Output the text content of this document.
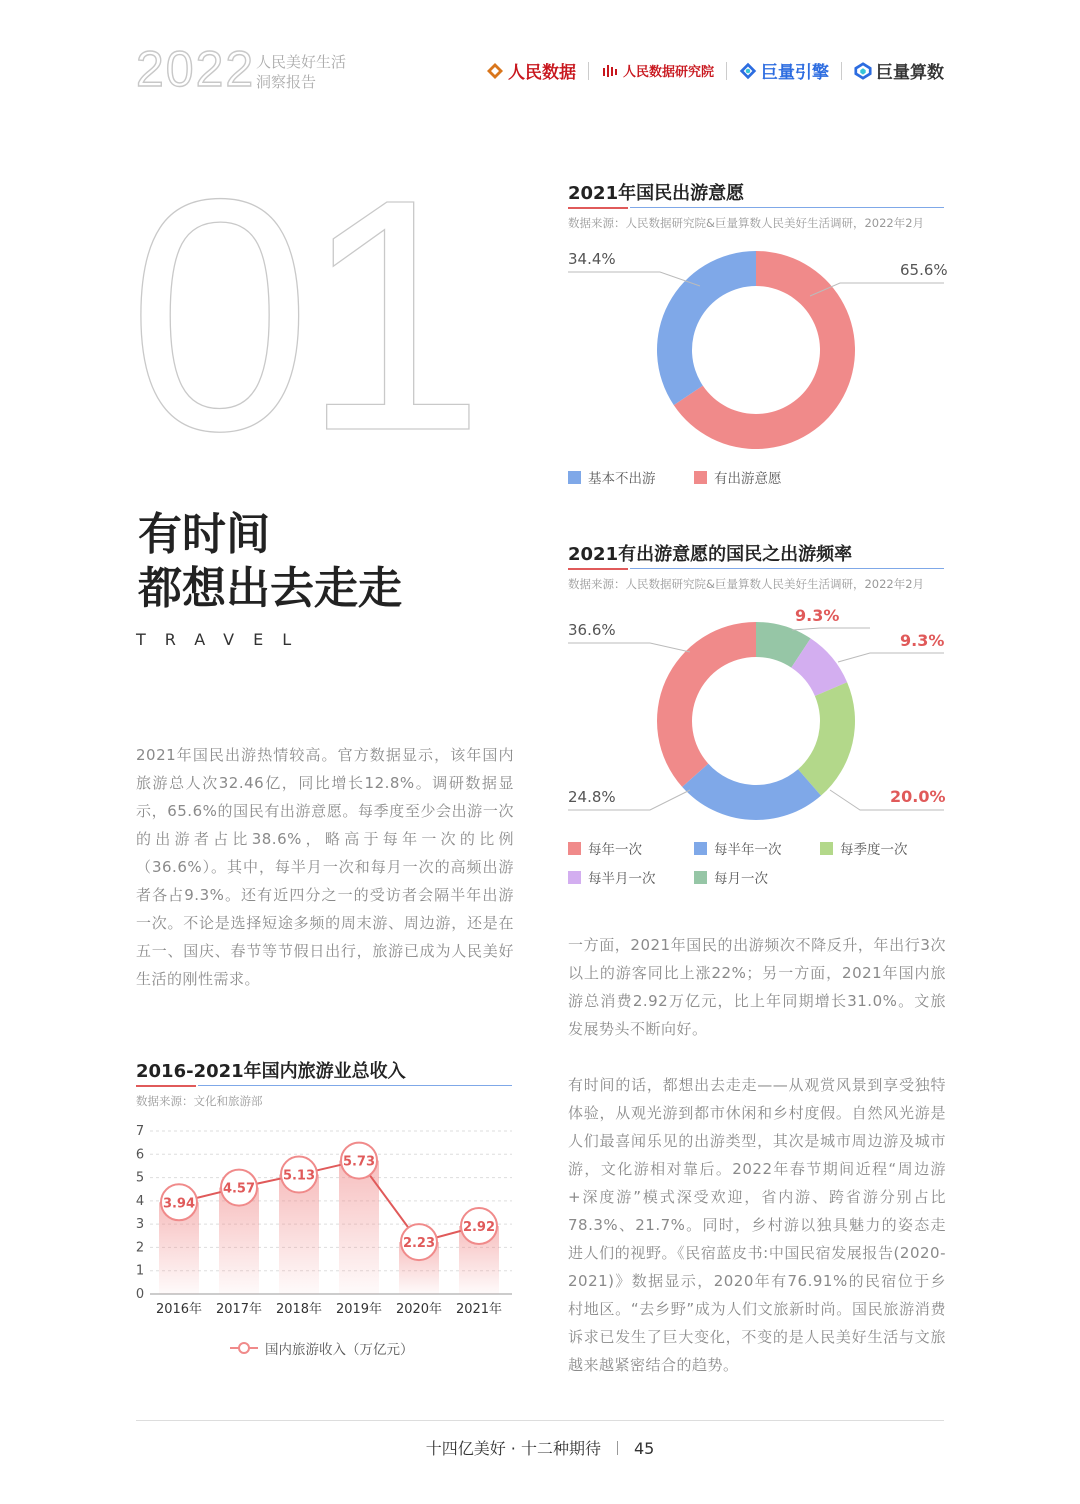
2022 人民美好生活
洞察报告	人民数据	人民数据研究院	巨量引擎	巨量算数
01
有时间
都想出去走走
TRAVEL
2021年国民出游热情较高。官方数据显示，该年国内旅游总人次32.46亿，同比增长12.8%。调研数据显示，65.6%的国民有出游意愿。每季度至少会出游一次的出游者占比38.6%，略高于每年一次的比例（36.6%）。其中，每半月一次和每月一次的高频出游者各占9.3%。还有近四分之一的受访者会隔半年出游一次。不论是选择短途多频的周末游、周边游，还是在五一、国庆、春节等节假日出行，旅游已成为人民美好生活的刚性需求。
2021年国民出游意愿
数据来源：人民数据研究院&巨量算数人民美好生活调研，2022年2月
34.4%
65.6%
基本不出游	有出游意愿
2021有出游意愿的国民之出游频率
数据来源：人民数据研究院&巨量算数人民美好生活调研，2022年2月
36.6%
24.8%	20.0%
9.3%
9.3%
每年一次	每半年一次	每季度一次
每半月一次	每月一次
一方面，2021年国民的出游频次不降反升，年出行3次以上的游客同比上涨22%；另一方面，2021年国内旅游总消费2.92万亿元，比上年同期增长31.0%。文旅发展势头不断向好。
有时间的话，都想出去走走——从观赏风景到享受独特体验，从观光游到都市休闲和乡村度假。自然风光游是人们最喜闻乐见的出游类型，其次是城市周边游及城市游，文化游相对靠后。2022年春节期间近程“周边游+深度游”模式深受欢迎，省内游、跨省游分别占比78.3%、21.7%。同时，乡村游以独具魅力的姿态走进人们的视野。《民宿蓝皮书:中国民宿发展报告(2020-2021)》数据显示，2020年有76.91%的民宿位于乡村地区。“去乡野”成为人们文旅新时尚。国民旅游消费诉求已发生了巨大变化，不变的是人民美好生活与文旅越来越紧密结合的趋势。
2016-2021年国内旅游业总收入
数据来源：文化和旅游部
0
1
2
3
4
5
6
7
3.94
4.57
5.13
5.73
2.23
2.92
2016年 2017年 2018年 2019年 2020年 2021年
国内旅游收入（万亿元）
十四亿美好 · 十二种期待 45
